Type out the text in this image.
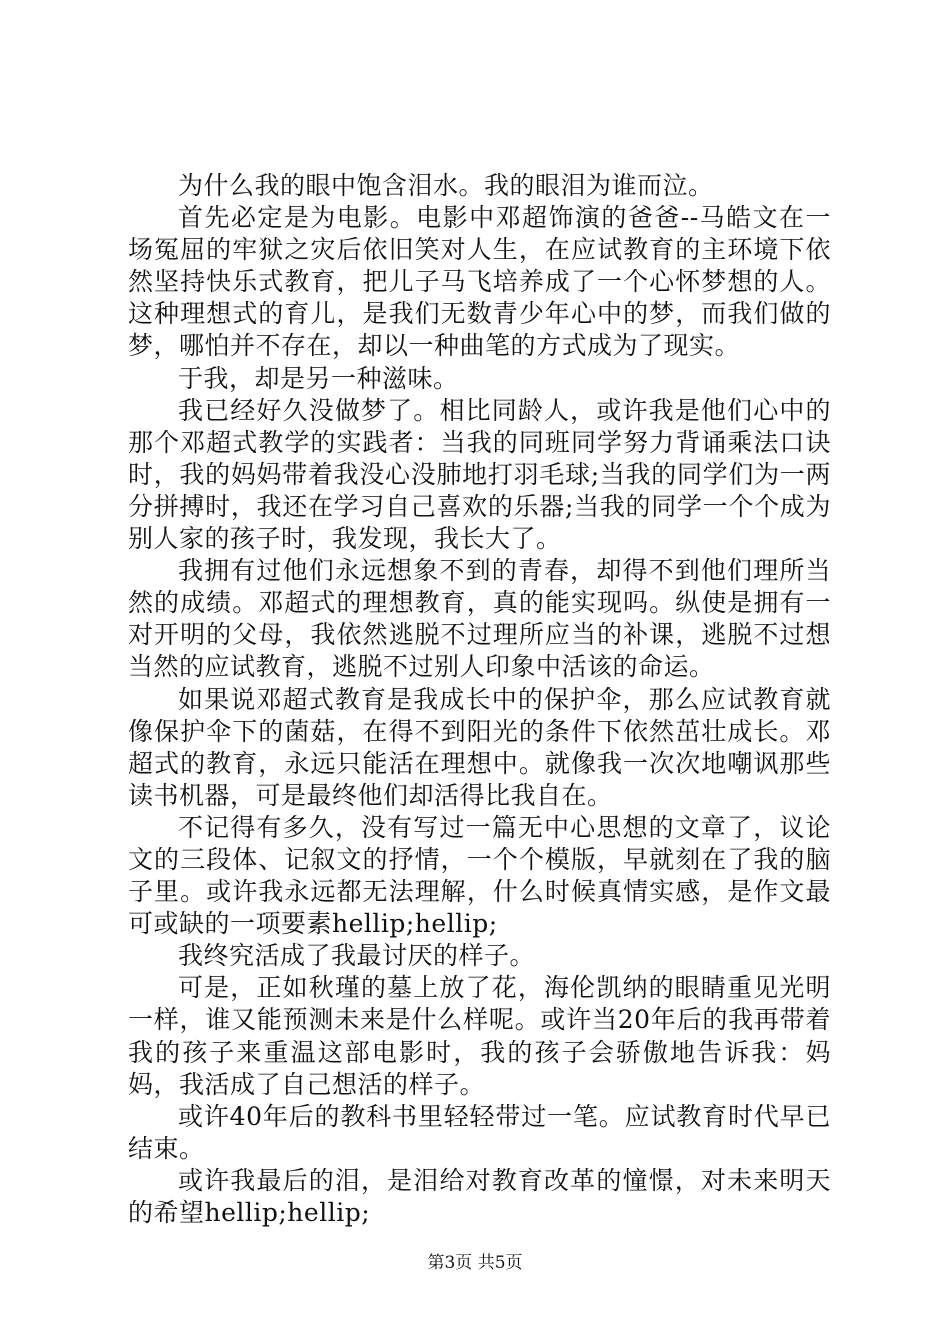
为什么我的眼中饱含泪水。我的眼泪为谁而泣。

首先必定是为电影。电影中邓超饰演的爸爸--马皓文在一场冤屈的牢狱之灾后依旧笑对人生，在应试教育的主环境下依然坚持快乐式教育，把儿子马飞培养成了一个心怀梦想的人。这种理想式的育儿，是我们无数青少年心中的梦，而我们做的梦，哪怕并不存在，却以一种曲笔的方式成为了现实。

于我，却是另一种滋味。

我已经好久没做梦了。相比同龄人，或许我是他们心中的那个邓超式教学的实践者：当我的同班同学努力背诵乘法口诀时，我的妈妈带着我没心没肺地打羽毛球;当我的同学们为一两分拼搏时，我还在学习自己喜欢的乐器;当我的同学一个个成为别人家的孩子时，我发现，我长大了。

我拥有过他们永远想象不到的青春，却得不到他们理所当然的成绩。邓超式的理想教育，真的能实现吗。纵使是拥有一对开明的父母，我依然逃脱不过理所应当的补课，逃脱不过想当然的应试教育，逃脱不过别人印象中活该的命运。

如果说邓超式教育是我成长中的保护伞，那么应试教育就像保护伞下的菌菇，在得不到阳光的条件下依然茁壮成长。邓超式的教育，永远只能活在理想中。就像我一次次地嘲讽那些读书机器，可是最终他们却活得比我自在。

不记得有多久，没有写过一篇无中心思想的文章了，议论文的三段体、记叙文的抒情，一个个模版，早就刻在了我的脑子里。或许我永远都无法理解，什么时候真情实感，是作文最可或缺的一项要素hellip;hellip;

我终究活成了我最讨厌的样子。

可是，正如秋瑾的墓上放了花，海伦凯纳的眼睛重见光明一样，谁又能预测未来是什么样呢。或许当20年后的我再带着我的孩子来重温这部电影时，我的孩子会骄傲地告诉我：妈妈，我活成了自己想活的样子。

或许40年后的教科书里轻轻带过一笔。应试教育时代早已结束。

或许我最后的泪，是泪给对教育改革的憧憬，对未来明天的希望hellip;hellip;

第3页 共5页
